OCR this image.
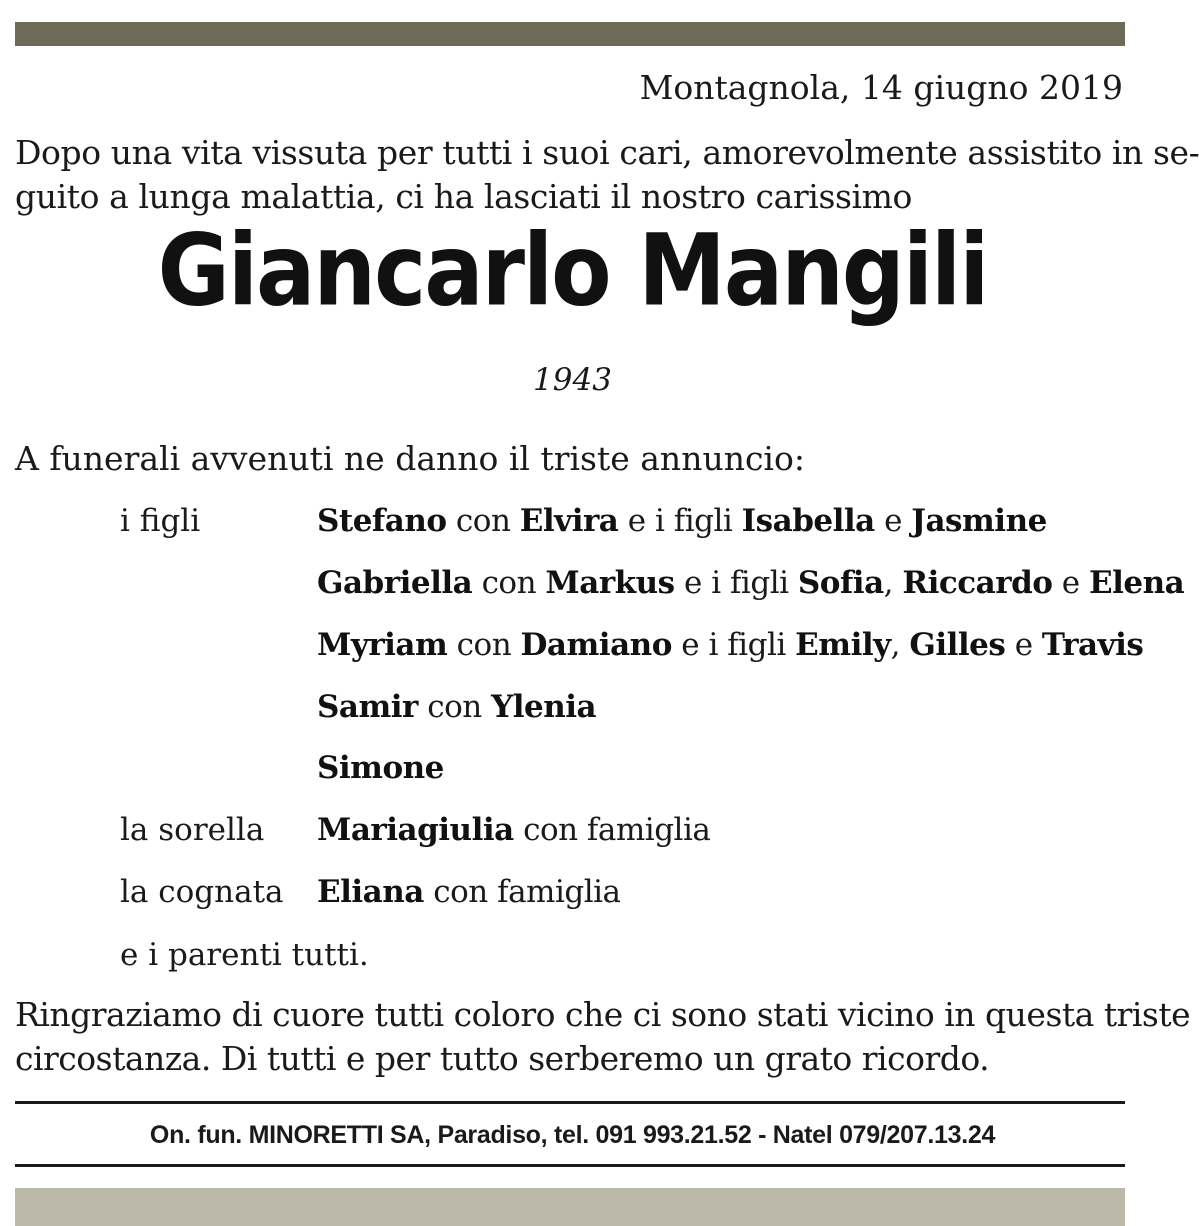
Montagnola, 14 giugno 2019

Dopo una vita vissuta per tutti i suoi cari, amorevolmente assistito in se-
guito a lunga malattia, ci ha lasciati il nostro carissimo

Giancarlo Mangili
1943
A funerali avvenuti ne danno il triste annuncio:
i figli	Stefano con Elvira e i figli Isabella e Jasmine
Gabriella con Markus e i figli Sofia, Riccardo e Elena
Myriam con Damiano e i figli Emily, Gilles e Travis
Samir con Ylenia
Simone
la sorella Mariagiulia con famiglia
la cognata Eliana con famiglia
e i parenti tutti.

Ringraziamo di cuore tutti coloro che ci sono stati vicino in questa triste
circostanza. Di tutti e per tutto serberemo un grato ricordo.

On. fun. MINORETTI SA, Paradiso, tel. 091 993.21.52 - Natel 079/207.13.24
